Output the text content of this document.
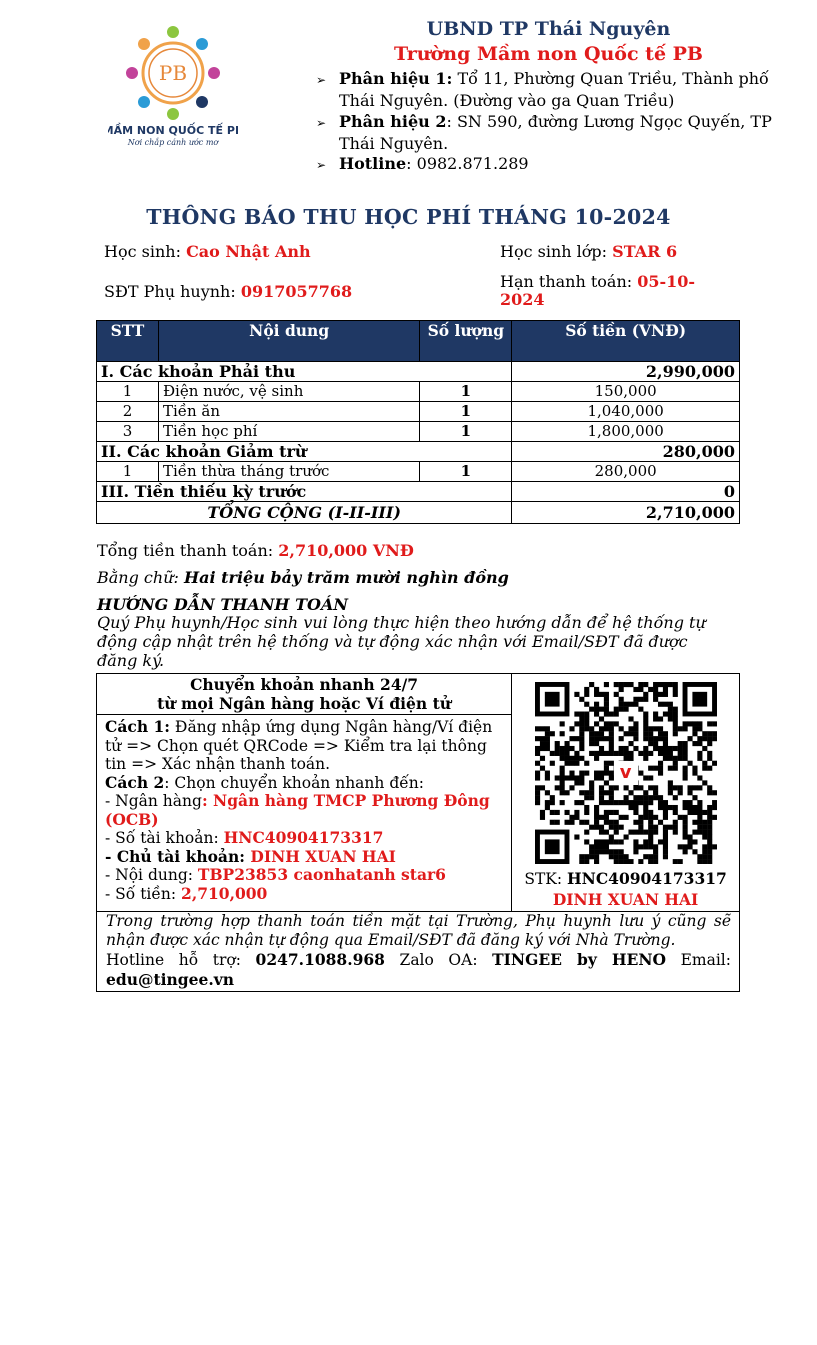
PB
MẦM NON QUỐC TẾ PB
Nơi chắp cánh ước mơ
UBND TP Thái Nguyên
Trường Mầm non Quốc tế PB
➢ Phân hiệu 1: Tổ 11, Phường Quan Triều, Thành phố Thái Nguyên. (Đường vào ga Quan Triều)
➢ Phân hiệu 2: SN 590, đường Lương Ngọc Quyến, TP Thái Nguyên.
➢ Hotline: 0982.871.289
THÔNG BÁO THU HỌC PHÍ THÁNG 10-2024
Học sinh: Cao Nhật Anh	Học sinh lớp: STAR 6
SĐT Phụ huynh: 0917057768
Hạn thanh toán: 05-10-
2024
STT	Nội dung	Số lượng	Số tiền (VNĐ)
I. Các khoản Phải thu			2,990,000
1	Điện nước, vệ sinh	1	150,000
2	Tiền ăn	1	1,040,000
3	Tiền học phí	1	1,800,000
II. Các khoản Giảm trừ			280,000
1	Tiền thừa tháng trước	1	280,000
III. Tiền thiếu kỳ trước			0
TỔNG CỘNG (I-II-III)			2,710,000
Tổng tiền thanh toán: 2,710,000 VNĐ
Bằng chữ: Hai triệu bảy trăm mười nghìn đồng
HƯỚNG DẪN THANH TOÁN
Quý Phụ huynh/Học sinh vui lòng thực hiện theo hướng dẫn để hệ thống tự động cập nhật trên hệ thống và tự động xác nhận với Email/SĐT đã được đăng ký.
Chuyển khoản nhanh 24/7
từ mọi Ngân hàng hoặc Ví điện tử

v
STK: HNC40904173317
DINH XUAN HAI

Cách 1: Đăng nhập ứng dụng Ngân hàng/Ví điện tử => Chọn quét QRCode => Kiểm tra lại thông tin => Xác nhận thanh toán.
Cách 2: Chọn chuyển khoản nhanh đến:
- Ngân hàng: Ngân hàng TMCP Phương Đông (OCB)
- Số tài khoản: HNC40904173317
- Chủ tài khoản: DINH XUAN HAI
- Nội dung: TBP23853 caonhatanh star6
- Số tiền: 2,710,000

Trong trường hợp thanh toán tiền mặt tại Trường, Phụ huynh lưu ý cũng sẽ nhận được xác nhận tự động qua Email/SĐT đã đăng ký với Nhà Trường.
Hotline hỗ trợ: 0247.1088.968 Zalo OA: TINGEE by HENO Email:
edu@tingee.vn
